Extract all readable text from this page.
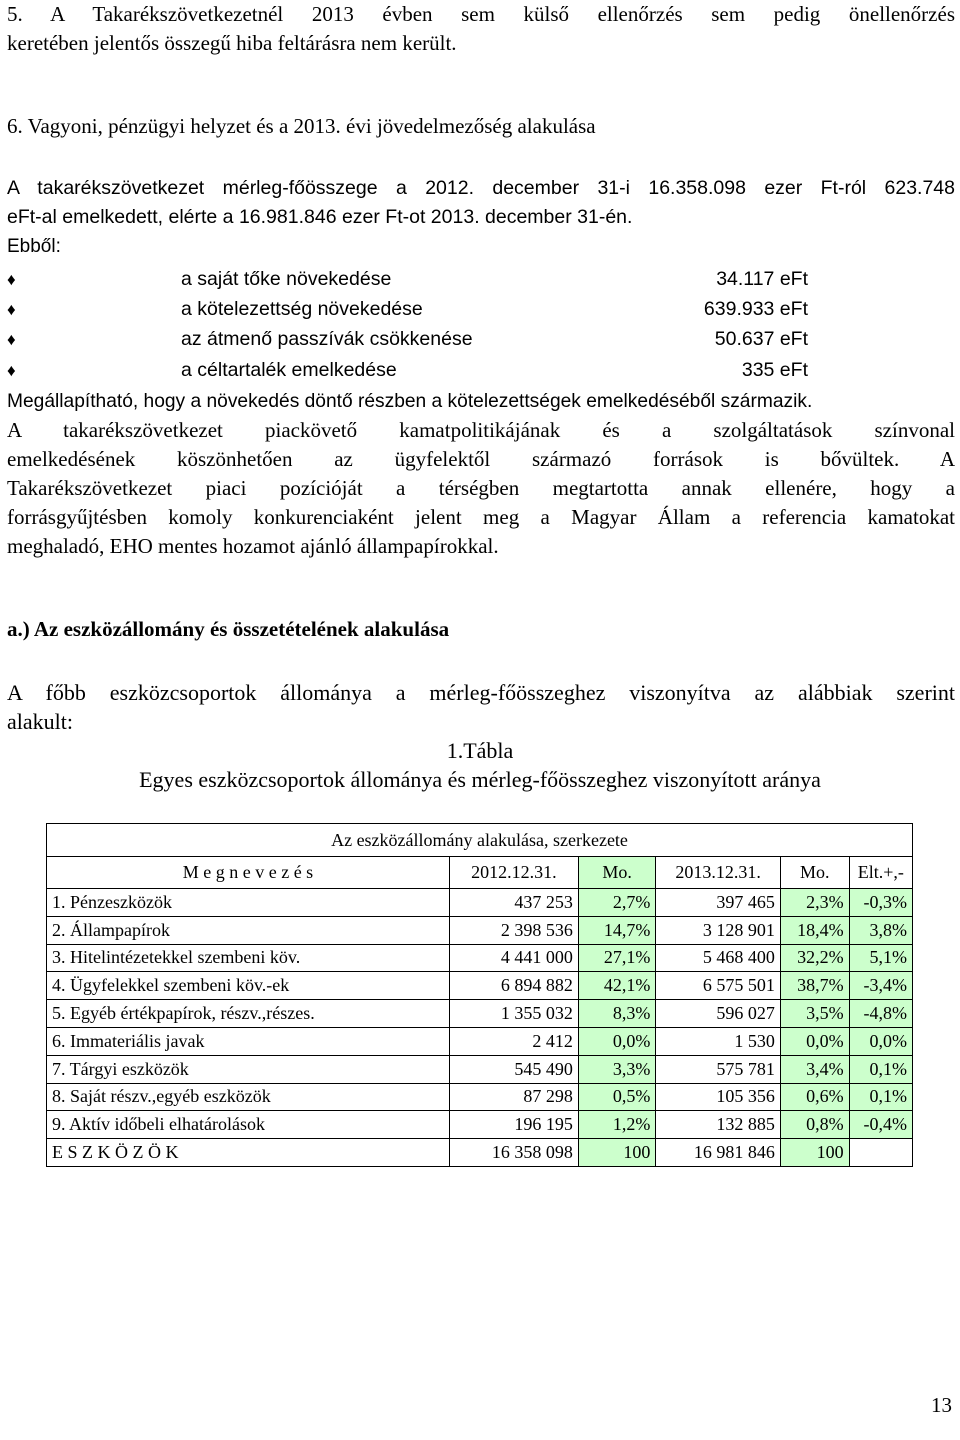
5. A Takarékszövetkezetnél 2013 évben sem külső ellenőrzés sem pedig önellenőrzés
keretében jelentős összegű hiba feltárásra nem került.
6. Vagyoni, pénzügyi helyzet és a 2013. évi jövedelmezőség alakulása
A takarékszövetkezet mérleg-főösszege a 2012. december 31-i 16.358.098 ezer Ft-ról 623.748
eFt-al emelkedett, elérte a 16.981.846 ezer Ft-ot 2013. december 31-én.
Ebből:
♦	a saját tőke növekedése	34.117 eFt
♦	a kötelezettség növekedése	639.933 eFt
♦	az átmenő passzívák csökkenése	50.637 eFt
♦	a céltartalék emelkedése	335 eFt
Megállapítható, hogy a növekedés döntő részben a kötelezettségek emelkedéséből származik.
A takarékszövetkezet piackövető kamatpolitikájának és a szolgáltatások színvonal
emelkedésének köszönhetően az ügyfelektől származó források is bővültek. A
Takarékszövetkezet piaci pozícióját a térségben megtartotta annak ellenére, hogy a
forrásgyűjtésben komoly konkurenciaként jelent meg a Magyar Állam a referencia kamatokat
meghaladó, EHO mentes hozamot ajánló állampapírokkal.
a.) Az eszközállomány és összetételének alakulása
A főbb eszközcsoportok állománya a mérleg-főösszeghez viszonyítva az alábbiak szerint
alakult:
1.Tábla
Egyes eszközcsoportok állománya és mérleg-főösszeghez viszonyított aránya
Az eszközállomány alakulása, szerkezete					
M e g n e v e z é s	2012.12.31.	Mo.	2013.12.31.	Mo.	Elt.+,-
1. Pénzeszközök	437 253	2,7%	397 465	2,3%	-0,3%
2. Állampapírok	2 398 536	14,7%	3 128 901	18,4%	3,8%
3. Hitelintézetekkel szembeni köv.	4 441 000	27,1%	5 468 400	32,2%	5,1%
4. Ügyfelekkel szembeni köv.-ek	6 894 882	42,1%	6 575 501	38,7%	-3,4%
5. Egyéb értékpapírok, részv.,részes.	1 355 032	8,3%	596 027	3,5%	-4,8%
6. Immateriális javak	2 412	0,0%	1 530	0,0%	0,0%
7. Tárgyi eszközök	545 490	3,3%	575 781	3,4%	0,1%
8. Saját részv.,egyéb eszközök	87 298	0,5%	105 356	0,6%	0,1%
9. Aktív időbeli elhatárolások	196 195	1,2%	132 885	0,8%	-0,4%
E S Z K Ö Z Ö K	16 358 098	100	16 981 846	100	
13
